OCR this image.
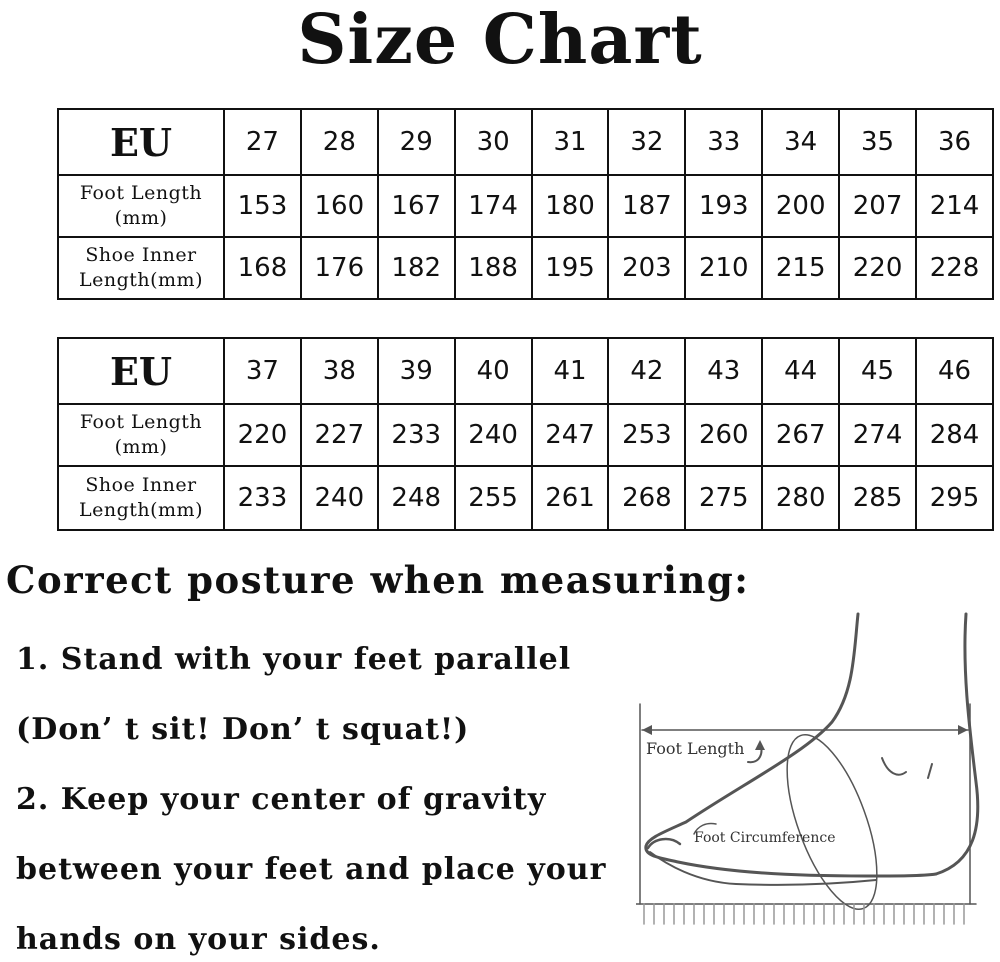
Size Chart
EU	27	28	29	30	31	32	33	34	35	36

Foot Length
(mm)	153	160	167	174	180	187	193	200	207	214

Shoe Inner
Length(mm)	168	176	182	188	195	203	210	215	220	228
EU	37	38	39	40	41	42	43	44	45	46

Foot Length
(mm)	220	227	233	240	247	253	260	267	274	284

Shoe Inner
Length(mm)	233	240	248	255	261	268	275	280	285	295
Correct posture when measuring:

1. Stand with your feet parallel

(Don’ t sit! Don’ t squat!)

2. Keep your center of gravity

between your feet and place your

hands on your sides.

Foot Length
Foot Circumference
